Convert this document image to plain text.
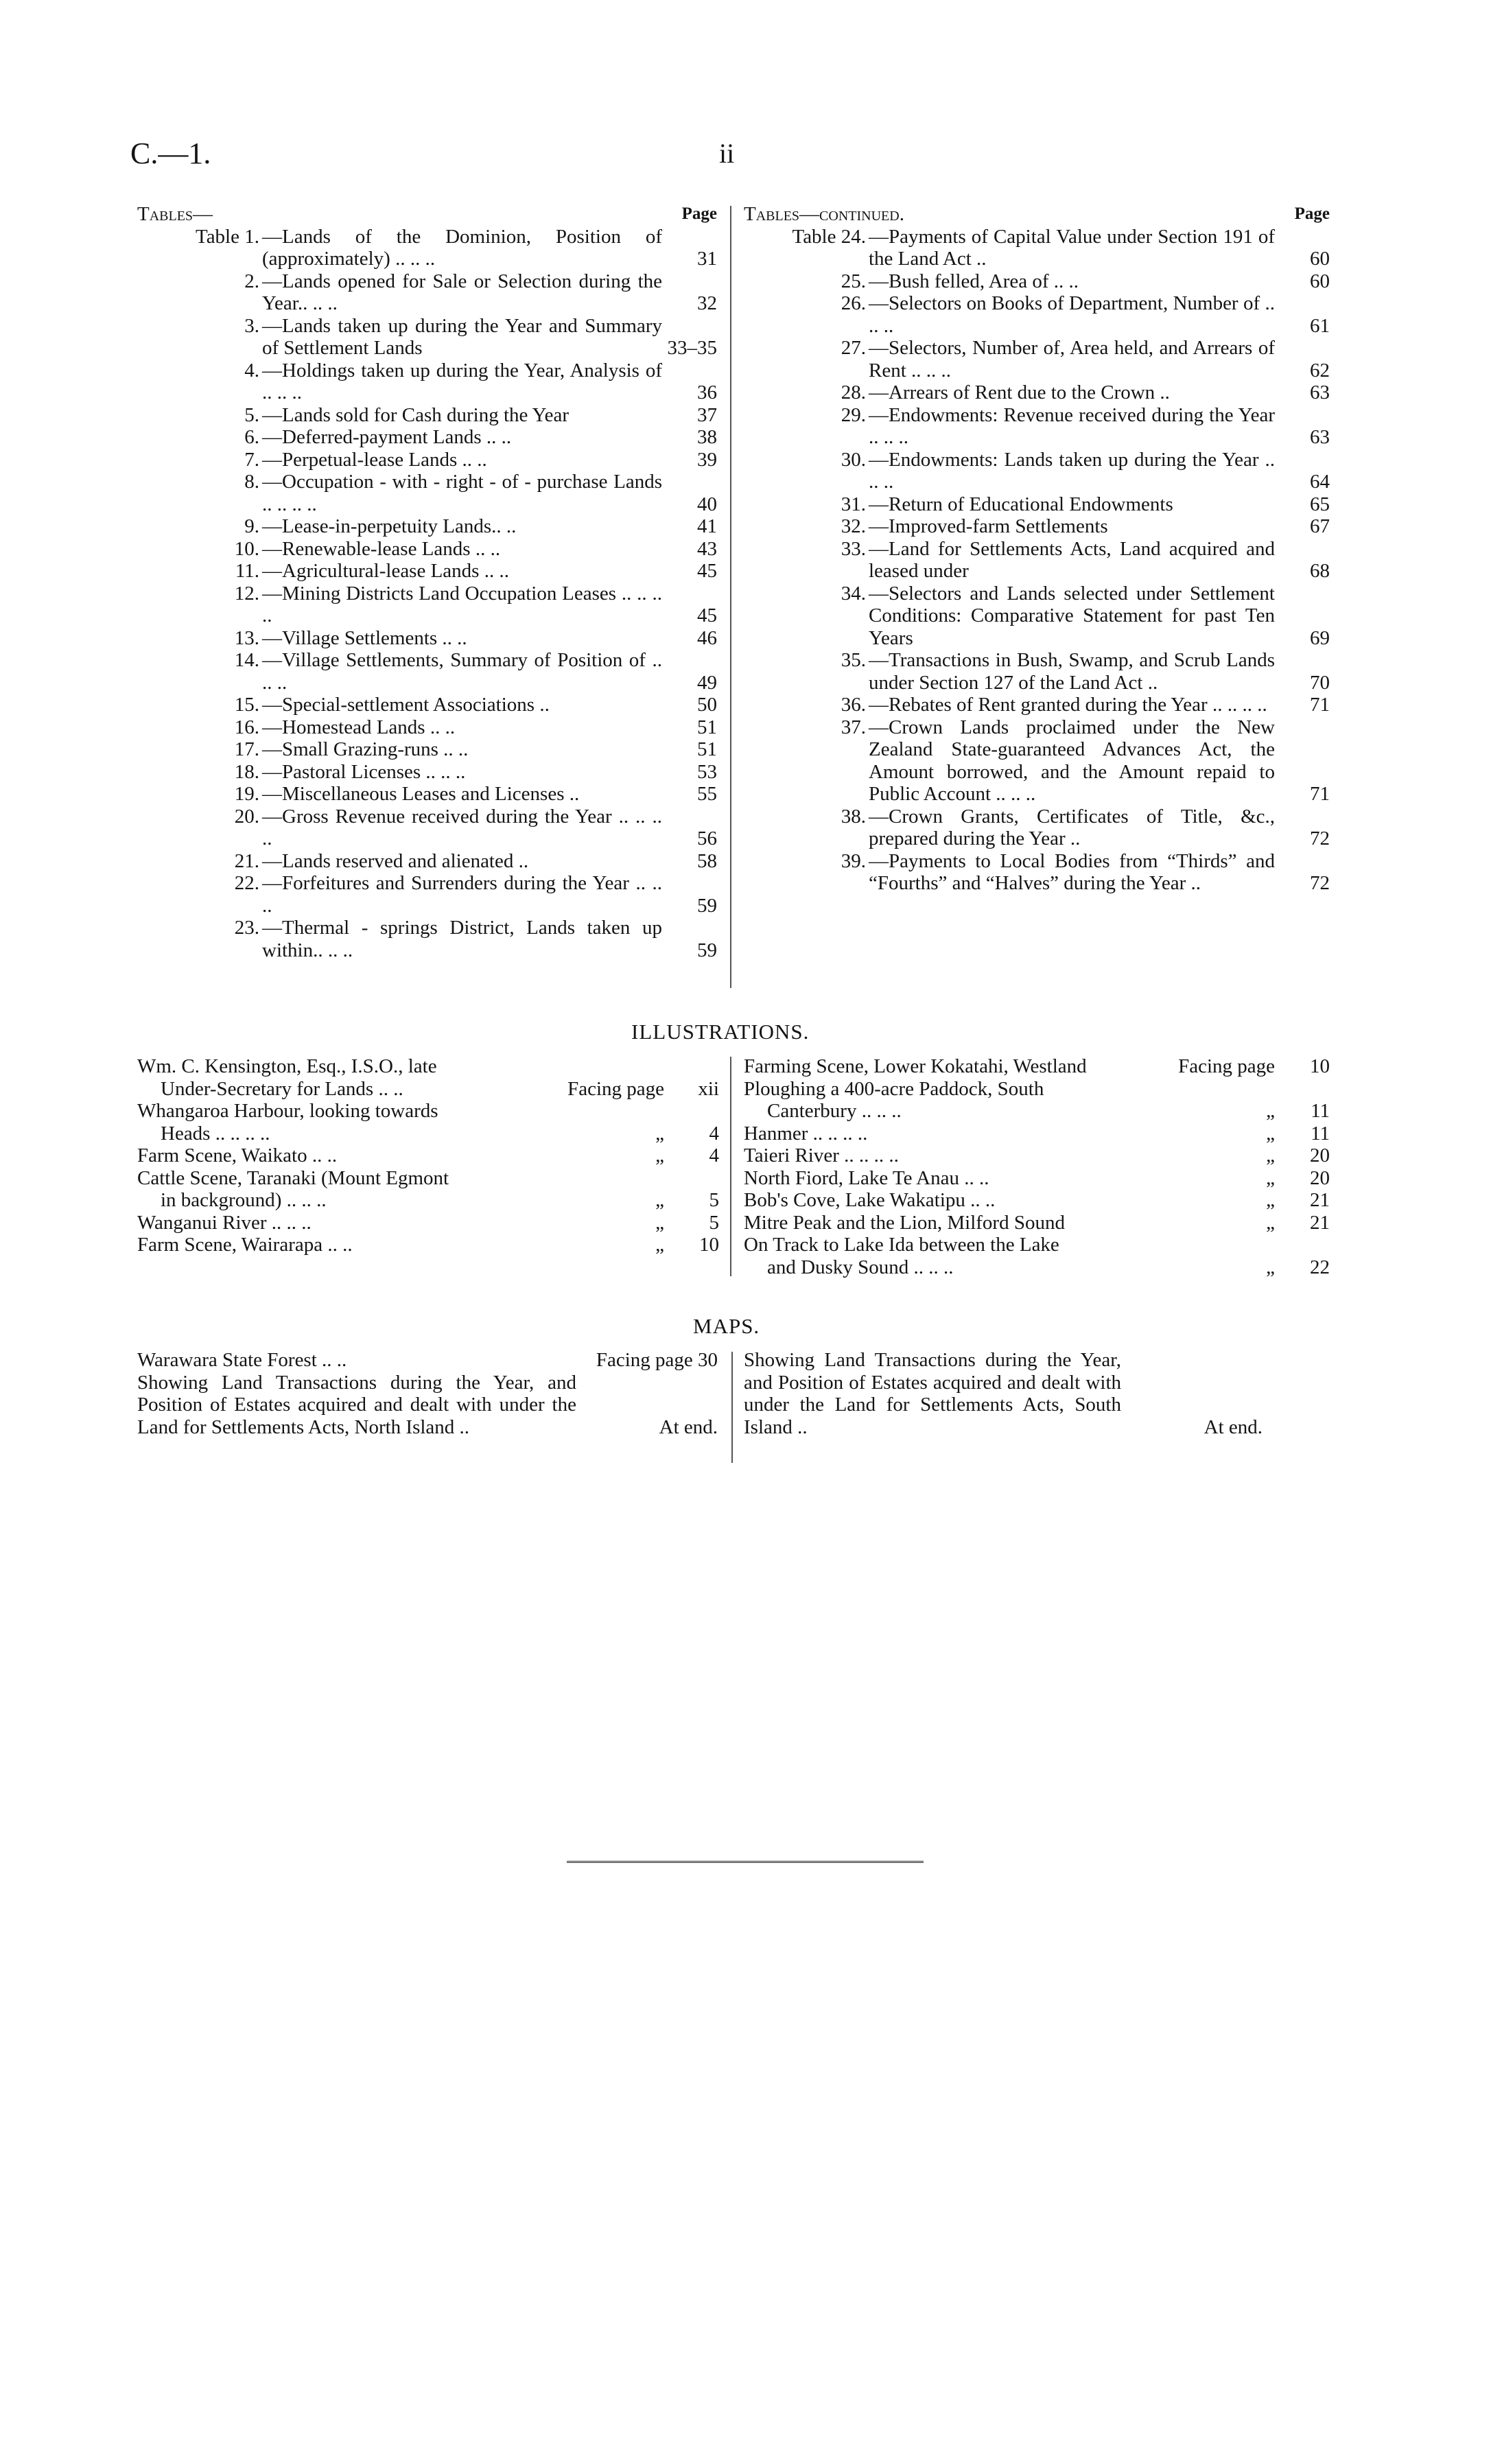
C.—1.	ii
Tables—	Page
Table 1. —Lands of the Dominion, Position of (approximately) .. .. ..	31
2. —Lands opened for Sale or Selection during the Year.. .. ..	32
3. —Lands taken up during the Year and Summary of Settlement Lands	33–35
4. —Holdings taken up during the Year, Analysis of .. .. ..	36
5. —Lands sold for Cash during the Year	37
6. —Deferred-payment Lands .. ..	38
7. —Perpetual-lease Lands .. ..	39
8. —Occupation - with - right - of - purchase Lands .. .. .. ..	40
9. —Lease-in-perpetuity Lands.. ..	41
10. —Renewable-lease Lands .. ..	43
11. —Agricultural-lease Lands .. ..	45
12. —Mining Districts Land Occupation Leases .. .. .. ..	45
13. —Village Settlements .. ..	46
14. —Village Settlements, Summary of Position of .. .. ..	49
15. —Special-settlement Associations ..	50
16. —Homestead Lands .. ..	51
17. —Small Grazing-runs .. ..	51
18. —Pastoral Licenses .. .. ..	53
19. —Miscellaneous Leases and Licenses ..	55
20. —Gross Revenue received during the Year .. .. .. ..	56
21. —Lands reserved and alienated ..	58
22. —Forfeitures and Surrenders during the Year .. .. ..	59
23. —Thermal - springs District, Lands taken up within.. .. ..	59
Tables—continued.	Page
Table 24. —Payments of Capital Value under Section 191 of the Land Act ..	60
25. —Bush felled, Area of .. ..	60
26. —Selectors on Books of Department, Number of .. .. ..	61
27. —Selectors, Number of, Area held, and Arrears of Rent .. .. ..	62
28. —Arrears of Rent due to the Crown ..	63
29. —Endowments: Revenue received during the Year .. .. ..	63
30. —Endowments: Lands taken up during the Year .. .. ..	64
31. —Return of Educational Endowments	65
32. —Improved-farm Settlements	67
33. —Land for Settlements Acts, Land acquired and leased under	68
34. —Selectors and Lands selected under Settlement Conditions: Comparative Statement for past Ten Years	69
35. —Transactions in Bush, Swamp, and Scrub Lands under Section 127 of the Land Act ..	70
36. —Rebates of Rent granted during the Year .. .. .. ..	71
37. —Crown Lands proclaimed under the New Zealand State-guaranteed Advances Act, the Amount borrowed, and the Amount repaid to Public Account .. .. ..	71
38. —Crown Grants, Certificates of Title, &c., prepared during the Year ..	72
39. —Payments to Local Bodies from “Thirds” and “Fourths” and “Halves” during the Year ..	72
ILLUSTRATIONS.
Wm. C. Kensington, Esq., I.S.O., late
Under-Secretary for Lands .. ..	Facing page xii
Whangaroa Harbour, looking towards
Heads .. .. .. ..	„ 4
Farm Scene, Waikato .. ..	„ 4
Cattle Scene, Taranaki (Mount Egmont
in background) .. .. ..	„ 5
Wanganui River .. .. ..	„ 5
Farm Scene, Wairarapa .. ..	„ 10
Farming Scene, Lower Kokatahi, Westland	Facing page 10
Ploughing a 400-acre Paddock, South
Canterbury .. .. ..	„ 11
Hanmer .. .. .. ..	„ 11
Taieri River .. .. .. ..	„ 20
North Fiord, Lake Te Anau .. ..	„ 20
Bob's Cove, Lake Wakatipu .. ..	„ 21
Mitre Peak and the Lion, Milford Sound	„ 21
On Track to Lake Ida between the Lake
and Dusky Sound .. .. ..	„ 22
MAPS.
Warawara State Forest .. ..	Facing page 30
Showing Land Transactions during the Year, and Position of Estates acquired and dealt with under the Land for Settlements Acts, North Island ..	At end.
Showing Land Transactions during the Year, and Position of Estates acquired and dealt with under the Land for Settlements Acts, South Island ..	At end.
